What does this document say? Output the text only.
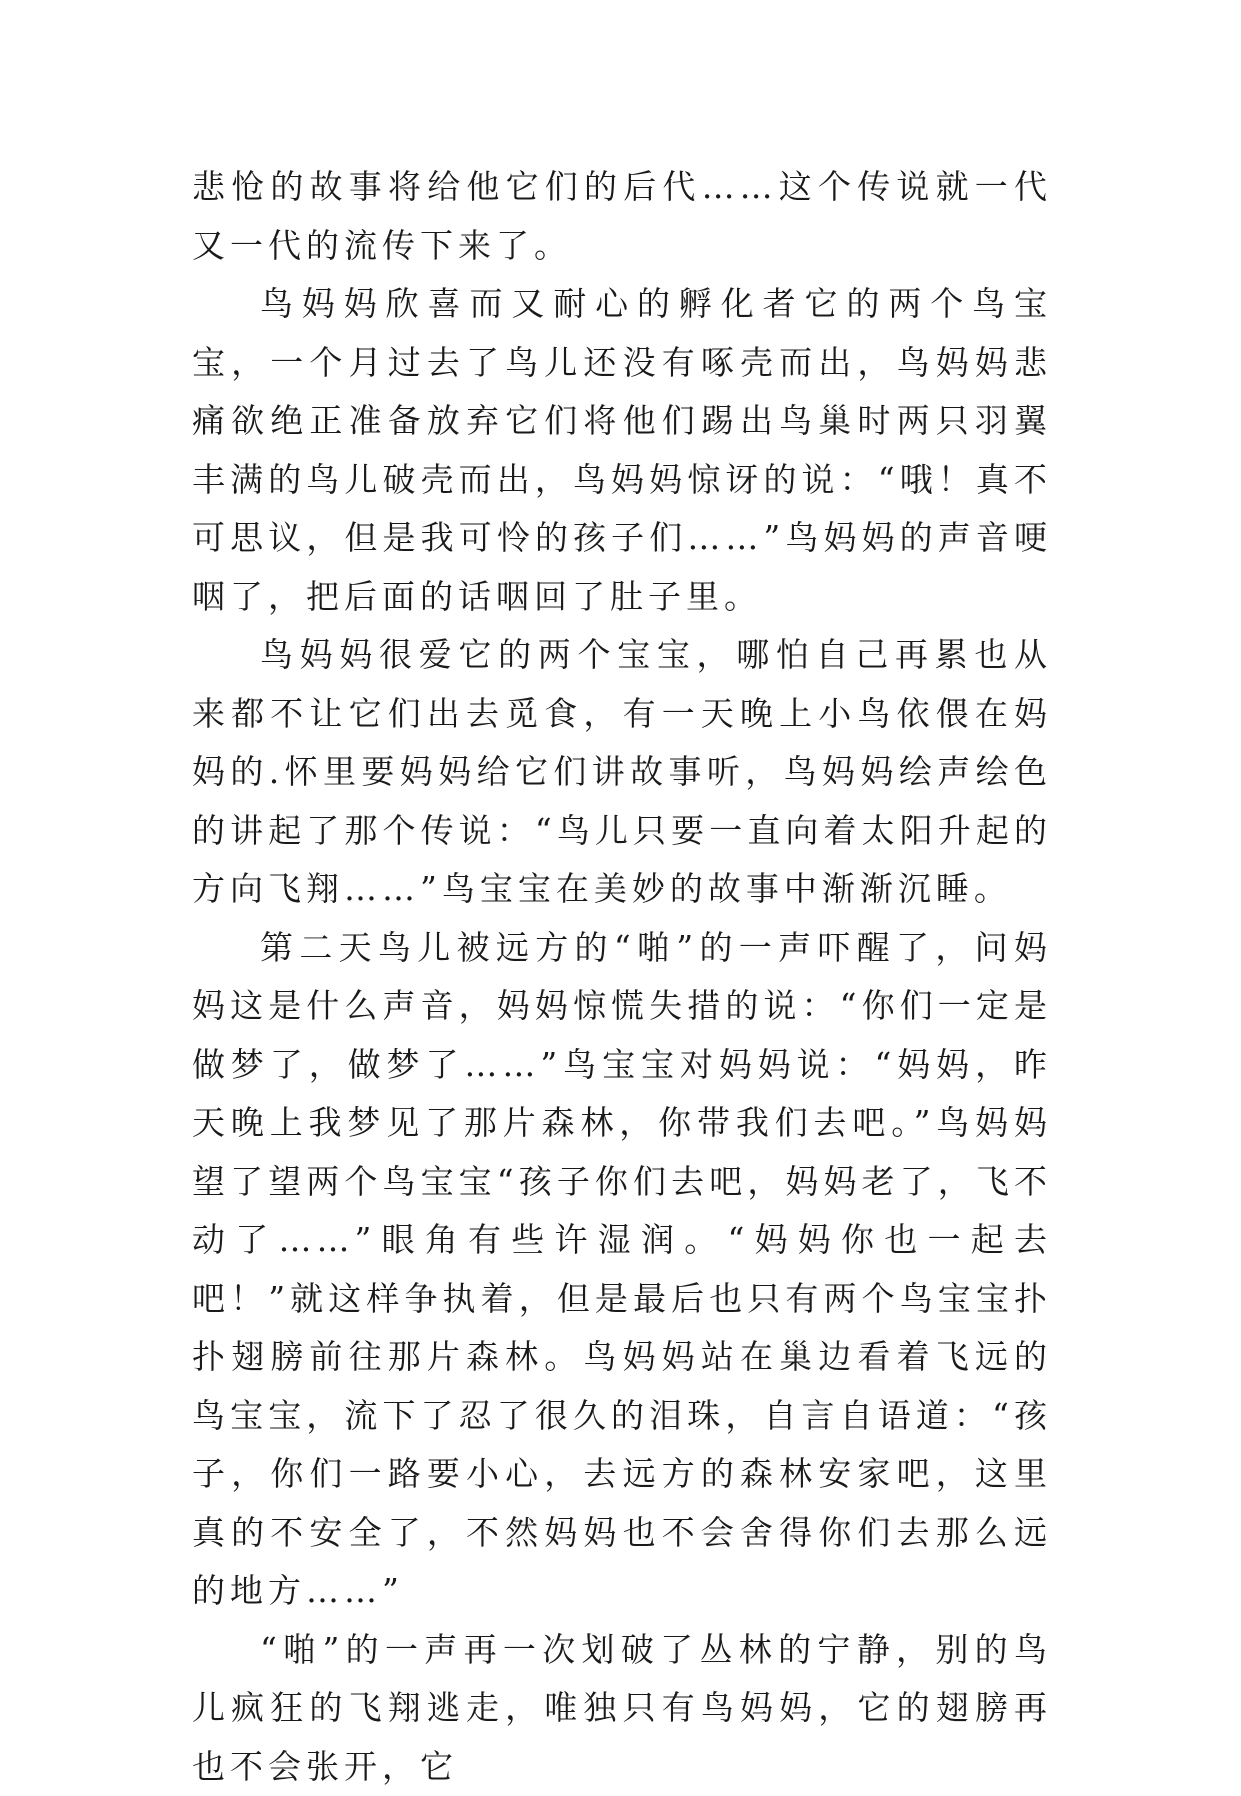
悲怆的故事将给他它们的后代……这个传说就一代又一代的流传下来了。

鸟妈妈欣喜而又耐心的孵化者它的两个鸟宝宝，一个月过去了鸟儿还没有啄壳而出，鸟妈妈悲痛欲绝正准备放弃它们将他们踢出鸟巢时两只羽翼丰满的鸟儿破壳而出，鸟妈妈惊讶的说：“哦！真不可思议，但是我可怜的孩子们……”鸟妈妈的声音哽咽了，把后面的话咽回了肚子里。

鸟妈妈很爱它的两个宝宝，哪怕自己再累也从来都不让它们出去觅食，有一天晚上小鸟依偎在妈妈的.怀里要妈妈给它们讲故事听，鸟妈妈绘声绘色的讲起了那个传说：“鸟儿只要一直向着太阳升起的方向飞翔……”鸟宝宝在美妙的故事中渐渐沉睡。

第二天鸟儿被远方的“啪”的一声吓醒了，问妈妈这是什么声音，妈妈惊慌失措的说：“你们一定是做梦了，做梦了……”鸟宝宝对妈妈说：“妈妈，昨天晚上我梦见了那片森林，你带我们去吧。”鸟妈妈望了望两个鸟宝宝“孩子你们去吧，妈妈老了，飞不动了……”眼角有些许湿润。“妈妈你也一起去吧！”就这样争执着，但是最后也只有两个鸟宝宝扑扑翅膀前往那片森林。鸟妈妈站在巢边看着飞远的鸟宝宝，流下了忍了很久的泪珠，自言自语道：“孩子，你们一路要小心，去远方的森林安家吧，这里真的不安全了，不然妈妈也不会舍得你们去那么远的地方……”

“啪”的一声再一次划破了丛林的宁静，别的鸟儿疯狂的飞翔逃走，唯独只有鸟妈妈，它的翅膀再也不会张开，它
